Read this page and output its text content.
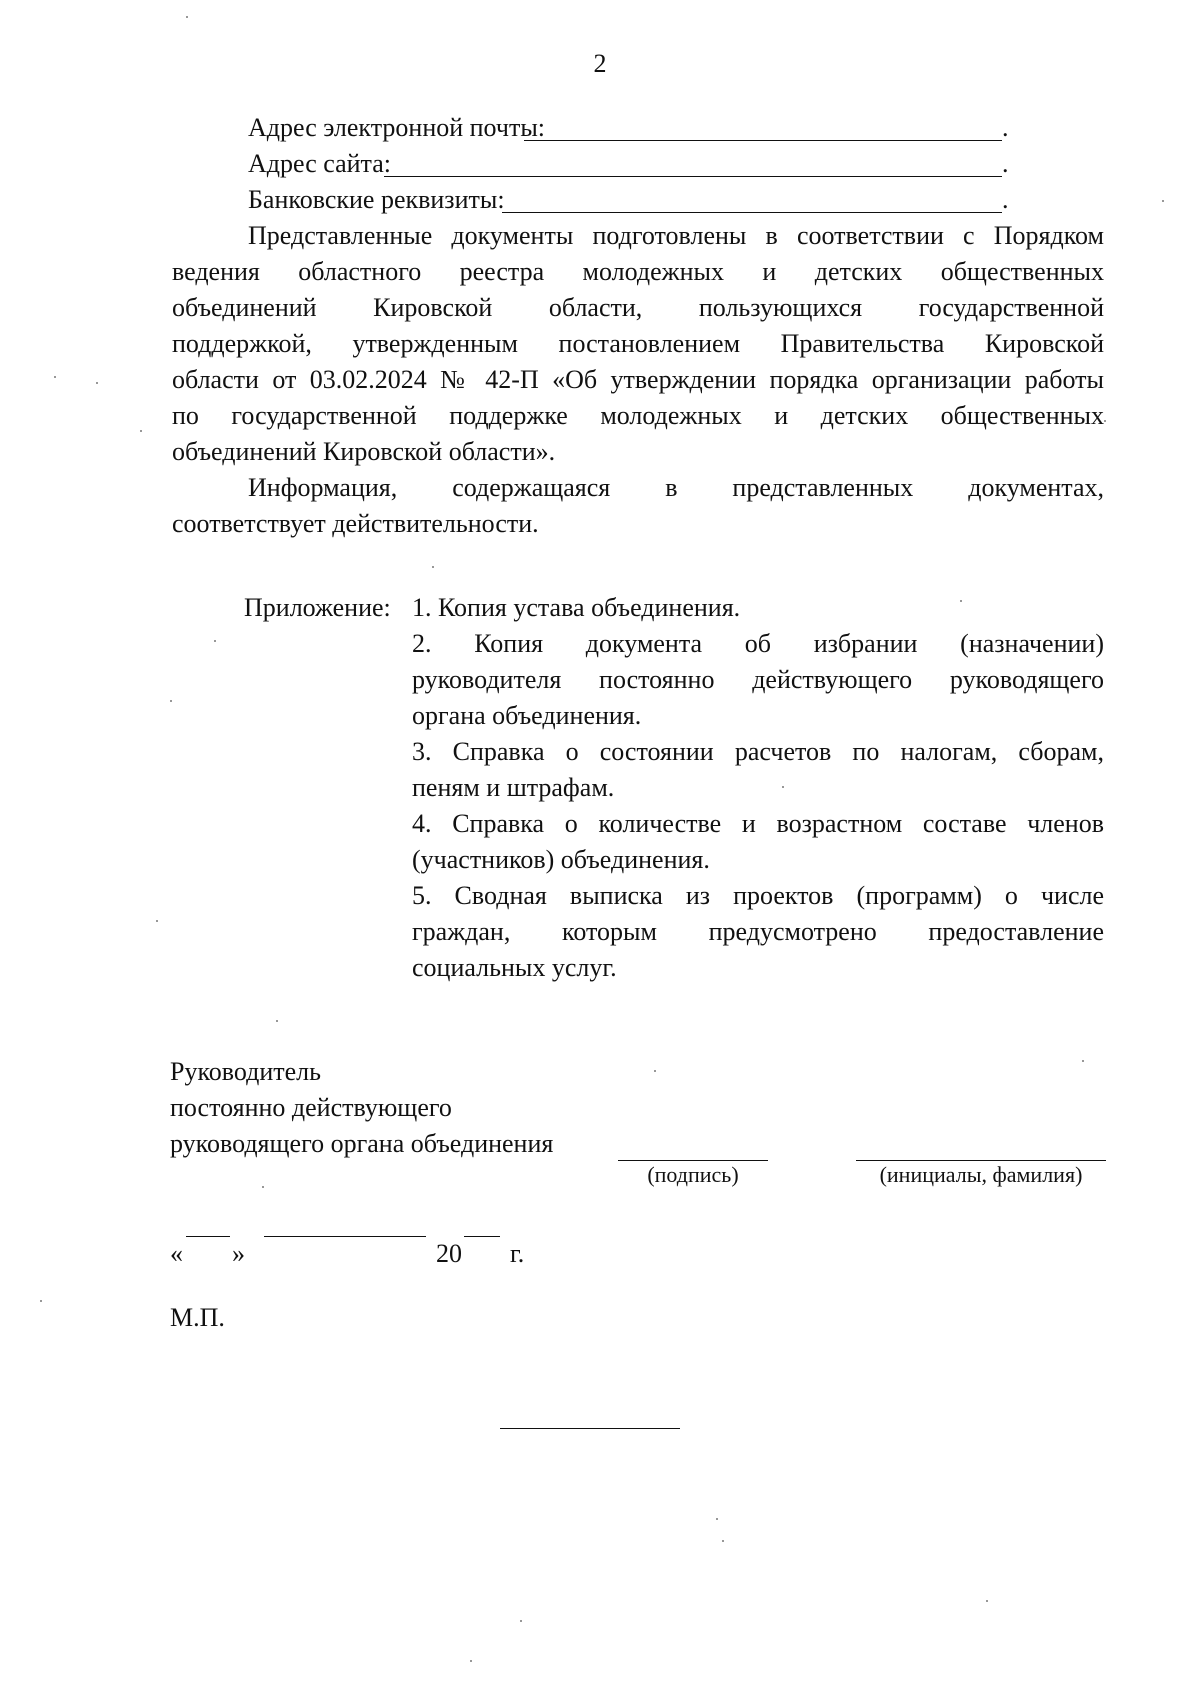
2
Адрес электронной почты:	.
Адрес сайта:	.
Банковские реквизиты:	.
Представленные документы подготовлены в соответствии с Порядком
ведения областного реестра молодежных и детских общественных
объединений Кировской области, пользующихся государственной
поддержкой, утвержденным постановлением Правительства Кировской
области от 03.02.2024 № 42-П «Об утверждении порядка организации работы
по государственной поддержке молодежных и детских общественных
объединений Кировской области».
Информация, содержащаяся в представленных документах,
соответствует действительности.
Приложение: 1. Копия устава объединения.
2. Копия документа об избрании (назначении)
руководителя постоянно действующего руководящего
органа объединения.
3. Справка о состоянии расчетов по налогам, сборам,
пеням и штрафам.
4. Справка о количестве и возрастном составе членов
(участников) объединения.
5. Сводная выписка из проектов (программ) о числе
граждан, которым предусмотрено предоставление
социальных услуг.
Руководитель
постоянно действующего
руководящего органа объединения
(подпись)	(инициалы, фамилия)
« »	20 г.
М.П.
